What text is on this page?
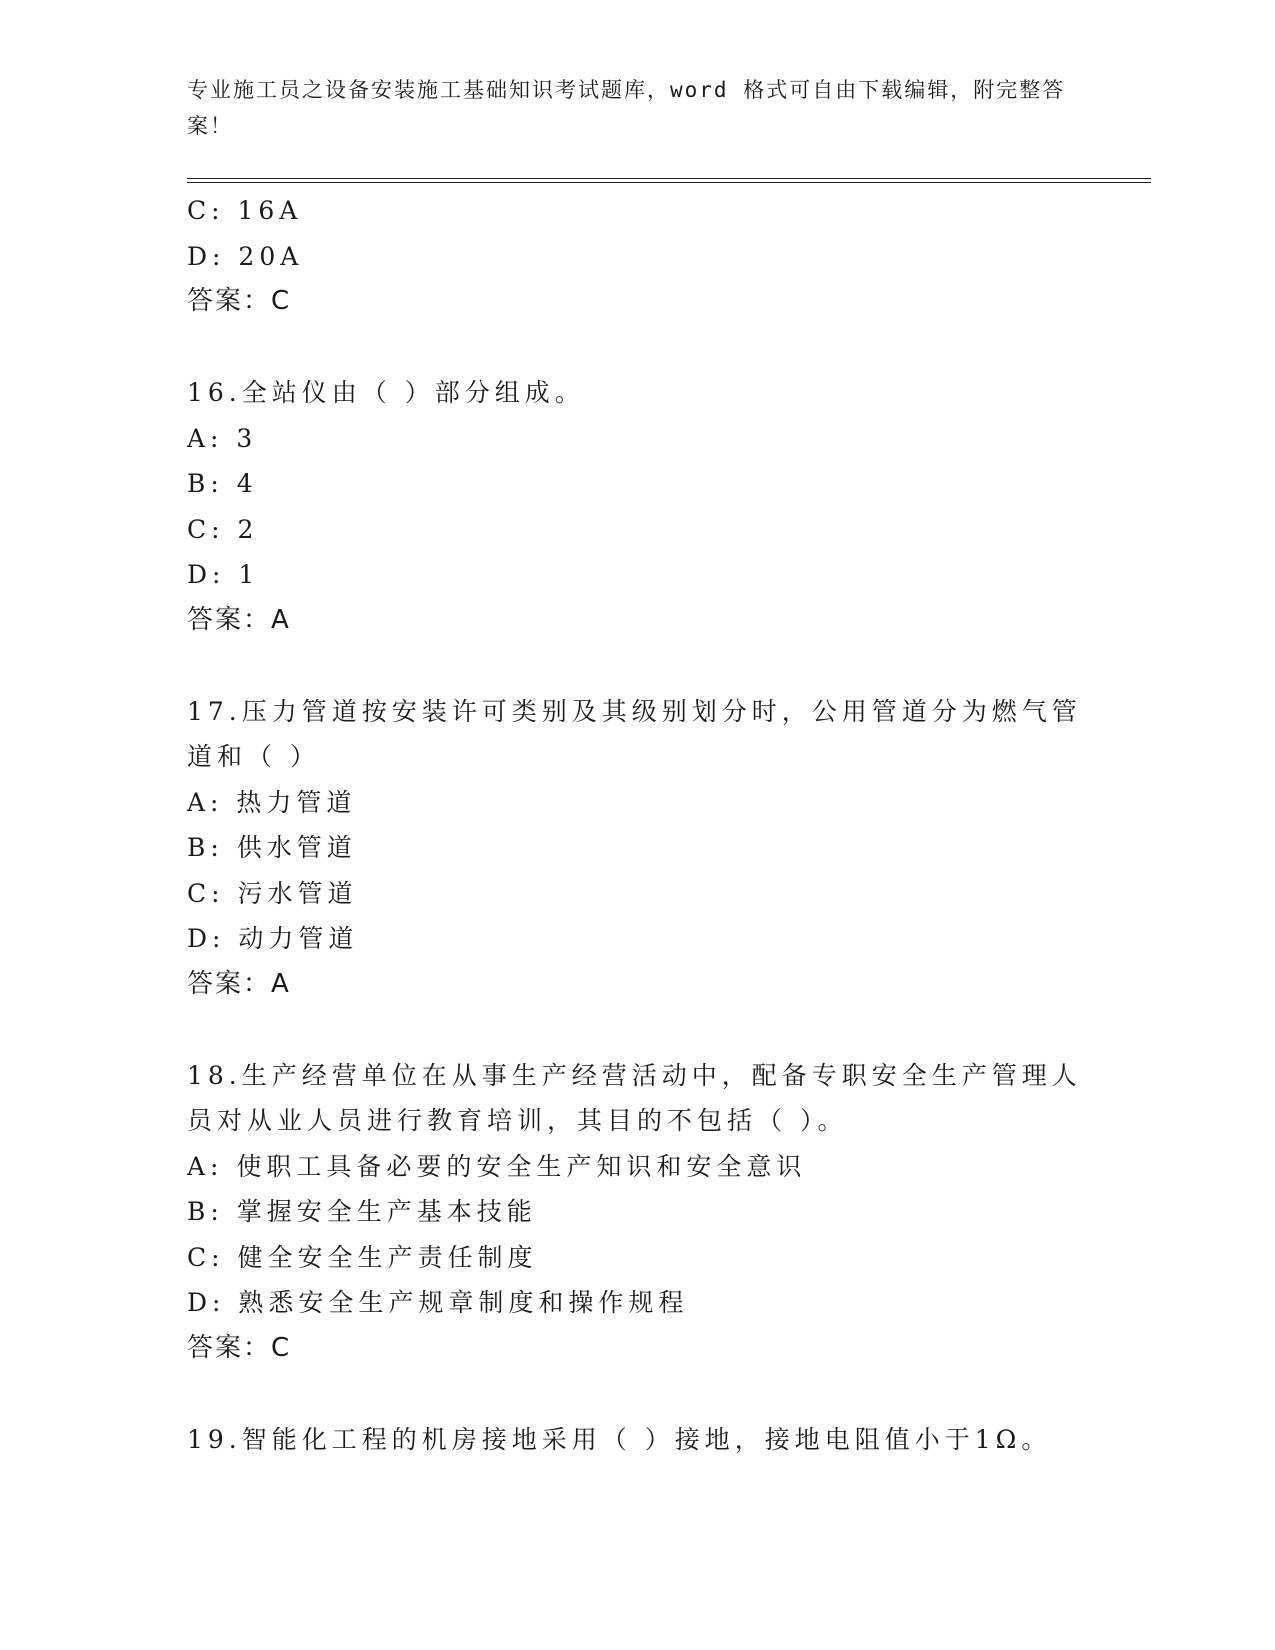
专业施工员之设备安装施工基础知识考试题库，word 格式可自由下载编辑，附完整答案！
C: 16A
D: 20A
答案：C
16.全站仪由（ ）部分组成。
A: 3
B: 4
C: 2
D: 1
答案：A
17.压力管道按安装许可类别及其级别划分时，公用管道分为燃气管道和（ ）
A: 热力管道
B: 供水管道
C: 污水管道
D: 动力管道
答案：A
18.生产经营单位在从事生产经营活动中，配备专职安全生产管理人员对从业人员进行教育培训，其目的不包括（ ）。
A: 使职工具备必要的安全生产知识和安全意识
B: 掌握安全生产基本技能
C: 健全安全生产责任制度
D: 熟悉安全生产规章制度和操作规程
答案：C
19.智能化工程的机房接地采用（ ）接地，接地电阻值小于1Ω。
